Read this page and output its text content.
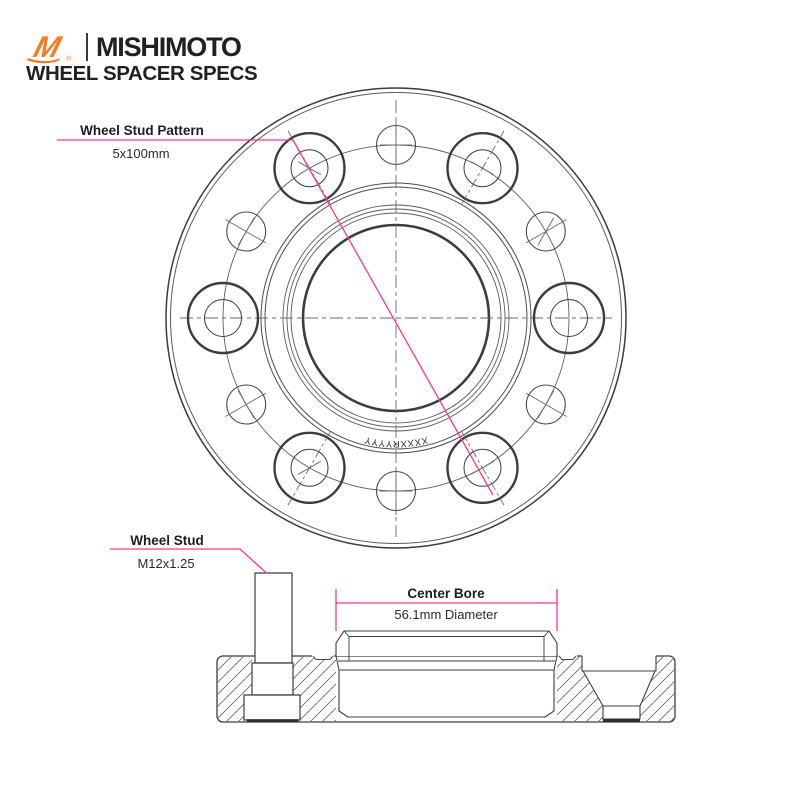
M ® MISHIMOTO
WHEEL SPACER SPECS
XXXXRYYYY
Wheel Stud Pattern
5x100mm
Wheel Stud
M12x1.25
Center Bore
56.1mm Diameter
